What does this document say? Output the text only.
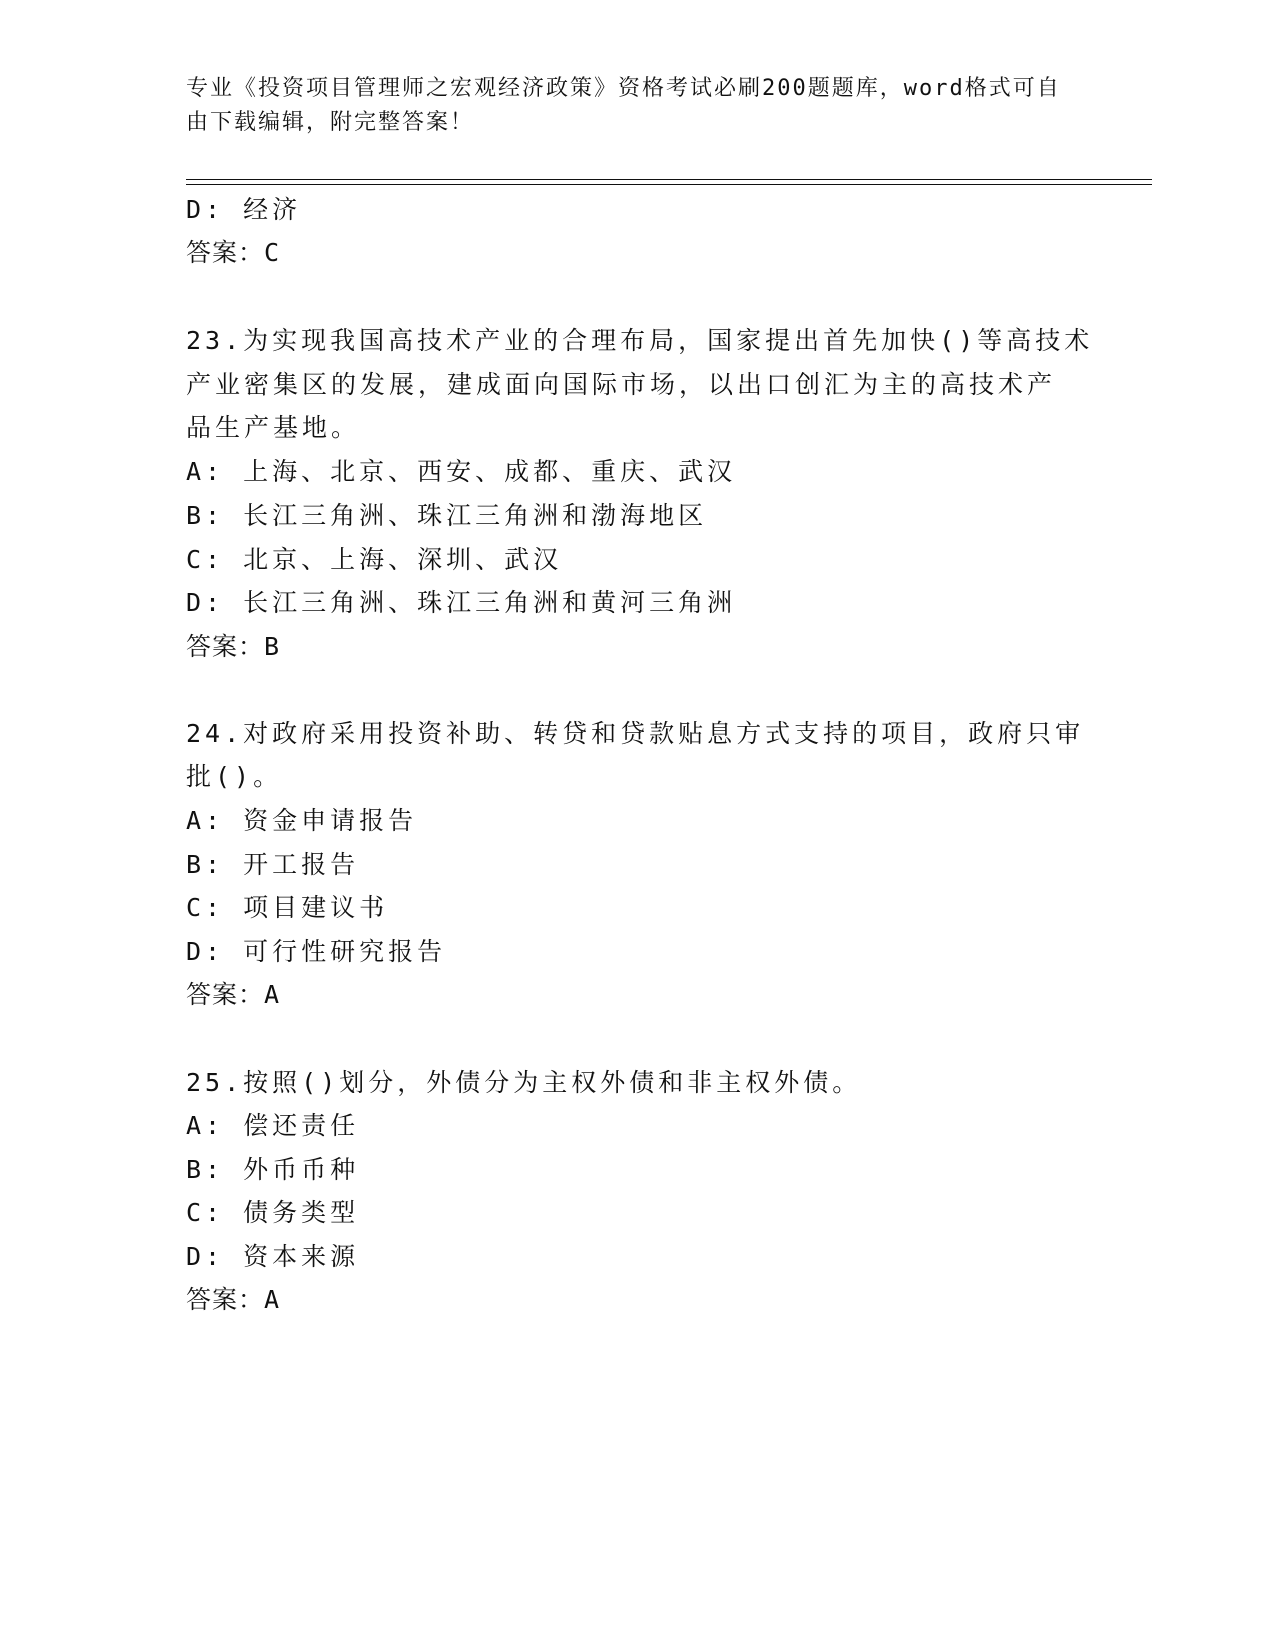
专业《投资项目管理师之宏观经济政策》资格考试必刷200题题库，word格式可自由下载编辑，附完整答案！
D: 经济
答案：C
23.为实现我国高技术产业的合理布局，国家提出首先加快()等高技术
产业密集区的发展，建成面向国际市场，以出口创汇为主的高技术产
品生产基地。
A: 上海、北京、西安、成都、重庆、武汉
B: 长江三角洲、珠江三角洲和渤海地区
C: 北京、上海、深圳、武汉
D: 长江三角洲、珠江三角洲和黄河三角洲
答案：B
24.对政府采用投资补助、转贷和贷款贴息方式支持的项目，政府只审
批()。
A: 资金申请报告
B: 开工报告
C: 项目建议书
D: 可行性研究报告
答案：A
25.按照()划分，外债分为主权外债和非主权外债。
A: 偿还责任
B: 外币币种
C: 债务类型
D: 资本来源
答案：A
